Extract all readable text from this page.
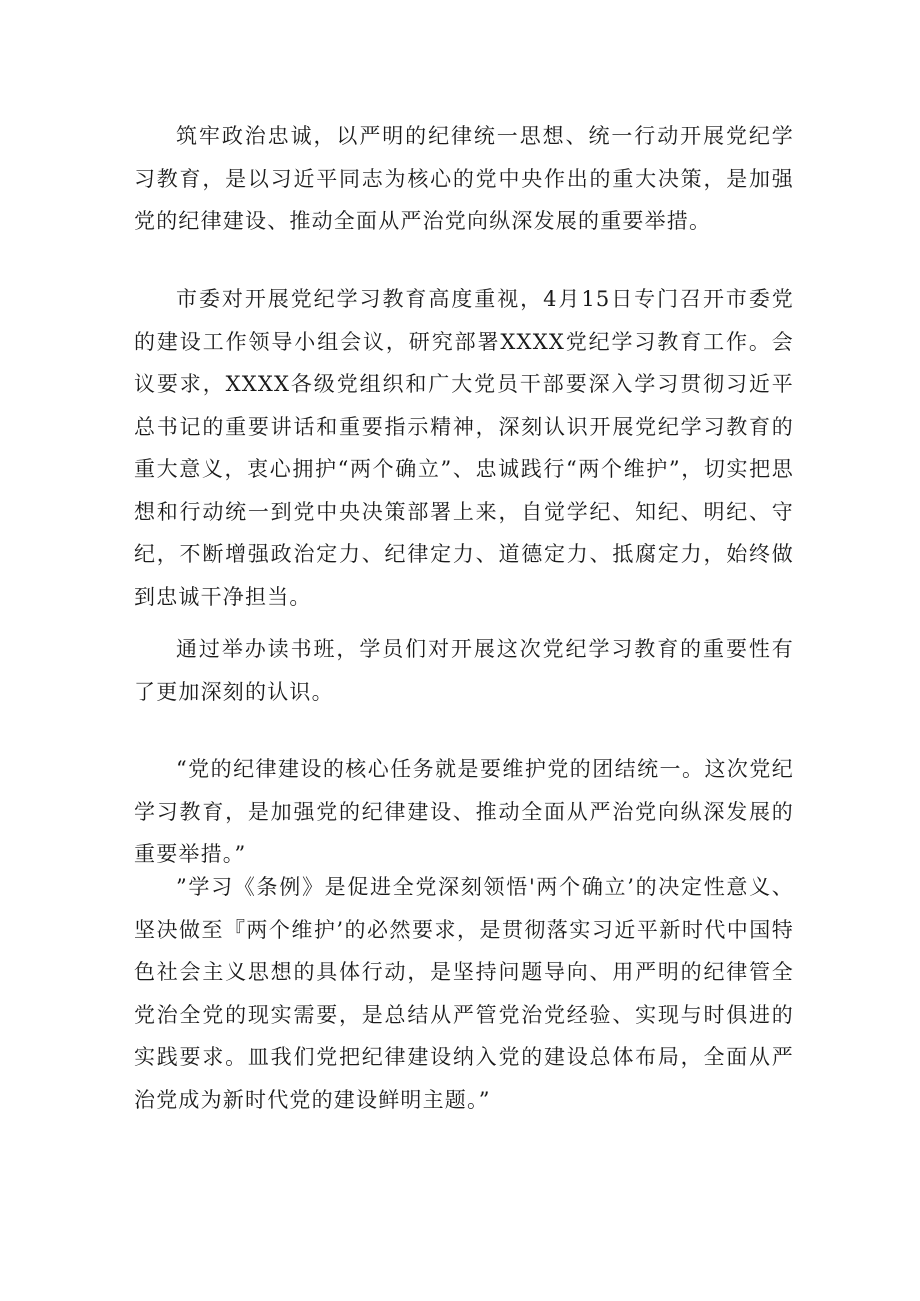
筑牢政治忠诚，以严明的纪律统一思想、统一行动开展党纪学习教育，是以习近平同志为核心的党中央作出的重大决策，是加强党的纪律建设、推动全面从严治党向纵深发展的重要举措。

市委对开展党纪学习教育高度重视，4月15日专门召开市委党的建设工作领导小组会议，研究部署XXXX党纪学习教育工作。会议要求，XXXX各级党组织和广大党员干部要深入学习贯彻习近平总书记的重要讲话和重要指示精神，深刻认识开展党纪学习教育的重大意义，衷心拥护“两个确立”、忠诚践行“两个维护”，切实把思想和行动统一到党中央决策部署上来，自觉学纪、知纪、明纪、守纪，不断增强政治定力、纪律定力、道德定力、抵腐定力，始终做到忠诚干净担当。

通过举办读书班，学员们对开展这次党纪学习教育的重要性有了更加深刻的认识。

“党的纪律建设的核心任务就是要维护党的团结统一。这次党纪学习教育，是加强党的纪律建设、推动全面从严治党向纵深发展的重要举措。”

”学习《条例》是促进全党深刻领悟'两个确立’的决定性意义、坚决做至『两个维护’的必然要求，是贯彻落实习近平新时代中国特色社会主义思想的具体行动，是坚持问题导向、用严明的纪律管全党治全党的现实需要，是总结从严管党治党经验、实现与时俱进的实践要求。皿我们党把纪律建设纳入党的建设总体布局，全面从严治党成为新时代党的建设鲜明主题。”
